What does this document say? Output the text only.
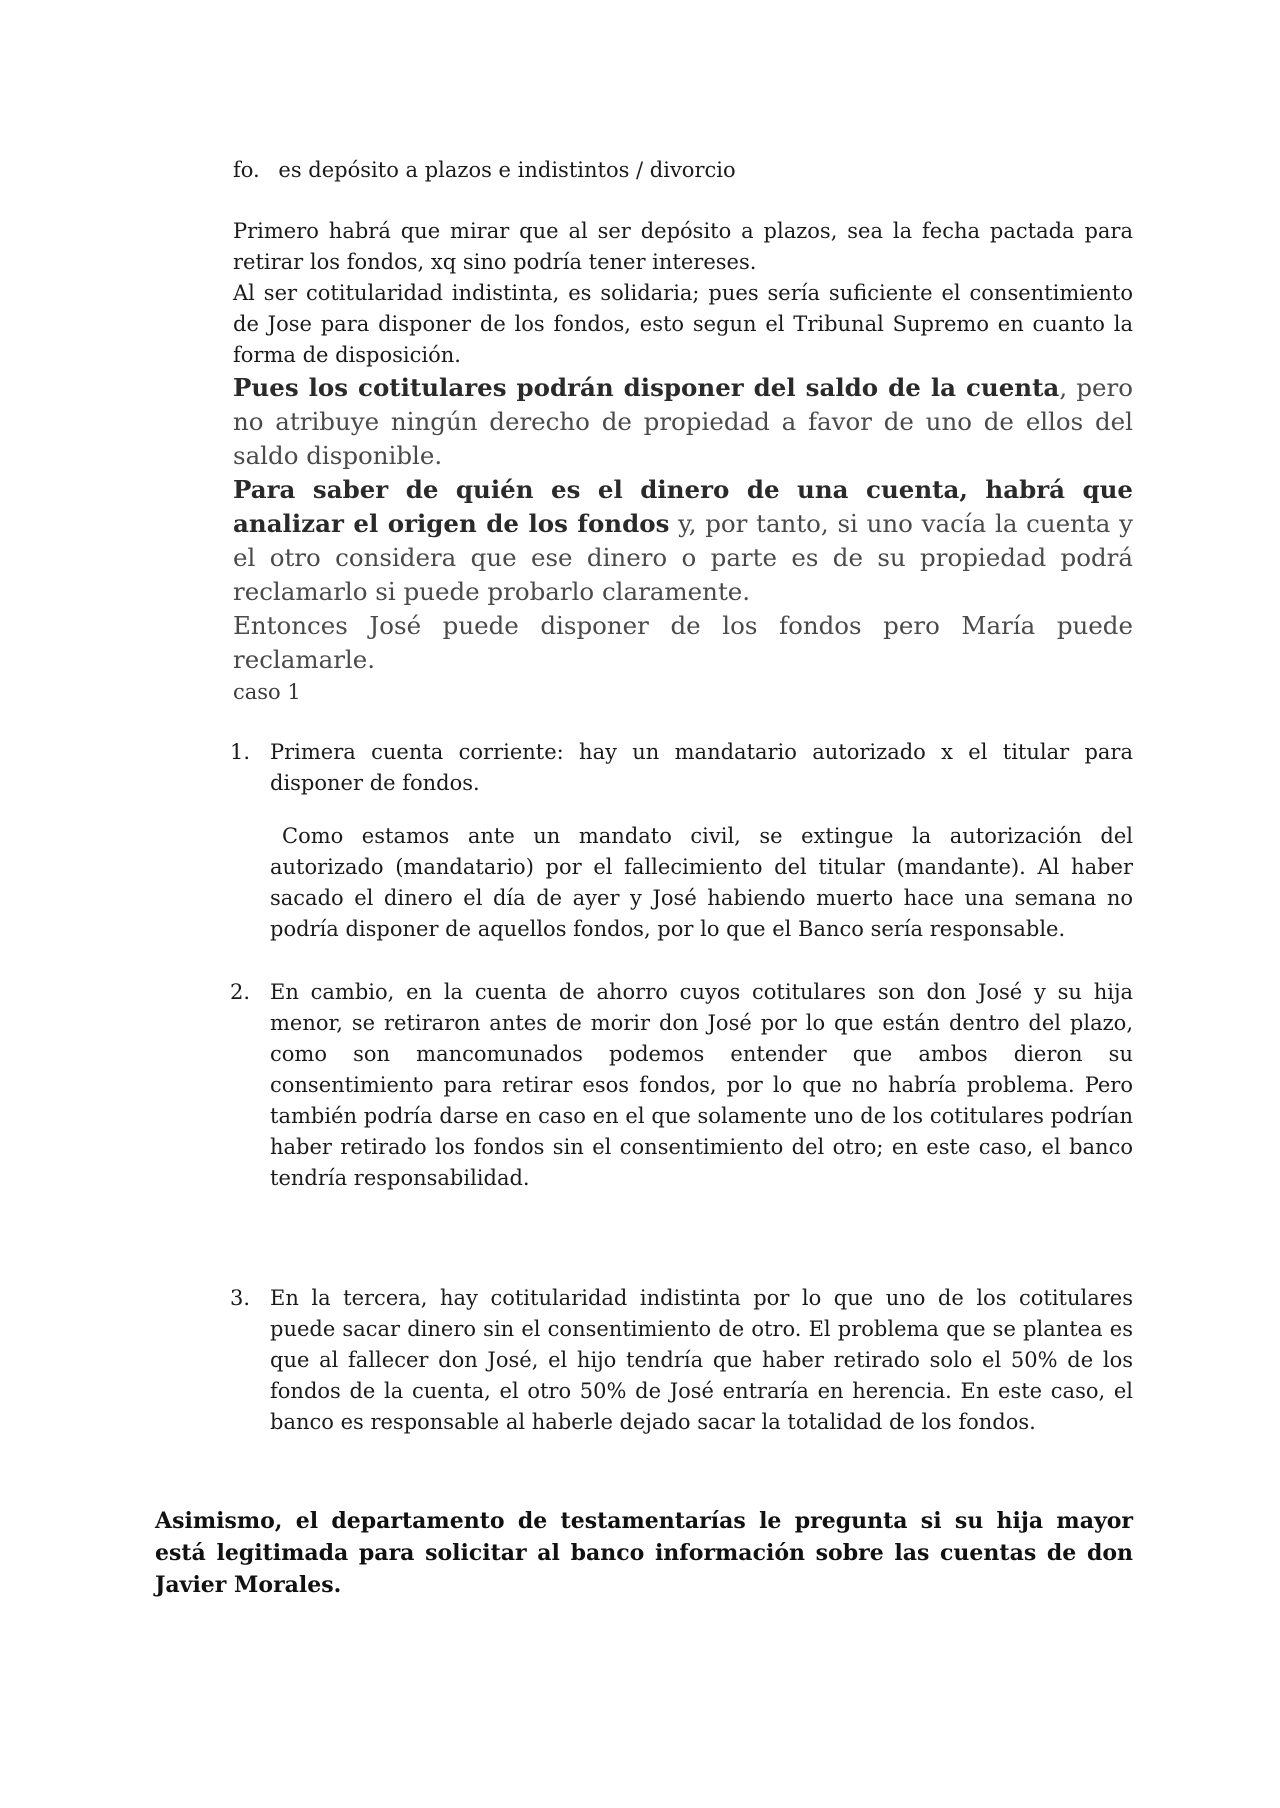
fo. es depósito a plazos e indistintos / divorcio

Primero habrá que mirar que al ser depósito a plazos, sea la fecha pactada para retirar los fondos, xq sino podría tener intereses.

Al ser cotitularidad indistinta, es solidaria; pues sería suficiente el consentimiento de Jose para disponer de los fondos, esto segun el Tribunal Supremo en cuanto la forma de disposición.

Pues los cotitulares podrán disponer del saldo de la cuenta, pero no atribuye ningún derecho de propiedad a favor de uno de ellos del saldo disponible.

Para saber de quién es el dinero de una cuenta, habrá que analizar el origen de los fondos y, por tanto, si uno vacía la cuenta y el otro considera que ese dinero o parte es de su propiedad podrá reclamarlo si puede probarlo claramente.

Entonces José puede disponer de los fondos pero María puede reclamarle.

caso 1
1. Primera cuenta corriente: hay un mandatario autorizado x el titular para disponer de fondos.

Como estamos ante un mandato civil, se extingue la autorización del autorizado (mandatario) por el fallecimiento del titular (mandante). Al haber sacado el dinero el día de ayer y José habiendo muerto hace una semana no podría disponer de aquellos fondos, por lo que el Banco sería responsable.

2. En cambio, en la cuenta de ahorro cuyos cotitulares son don José y su hija menor, se retiraron antes de morir don José por lo que están dentro del plazo, como son mancomunados podemos entender que ambos dieron su consentimiento para retirar esos fondos, por lo que no habría problema. Pero también podría darse en caso en el que solamente uno de los cotitulares podrían haber retirado los fondos sin el consentimiento del otro; en este caso, el banco tendría responsabilidad.

3. En la tercera, hay cotitularidad indistinta por lo que uno de los cotitulares puede sacar dinero sin el consentimiento de otro. El problema que se plantea es que al fallecer don José, el hijo tendría que haber retirado solo el 50% de los fondos de la cuenta, el otro 50% de José entraría en herencia. En este caso, el banco es responsable al haberle dejado sacar la totalidad de los fondos.

Asimismo, el departamento de testamentarías le pregunta si su hija mayor está legitimada para solicitar al banco información sobre las cuentas de don Javier Morales.
